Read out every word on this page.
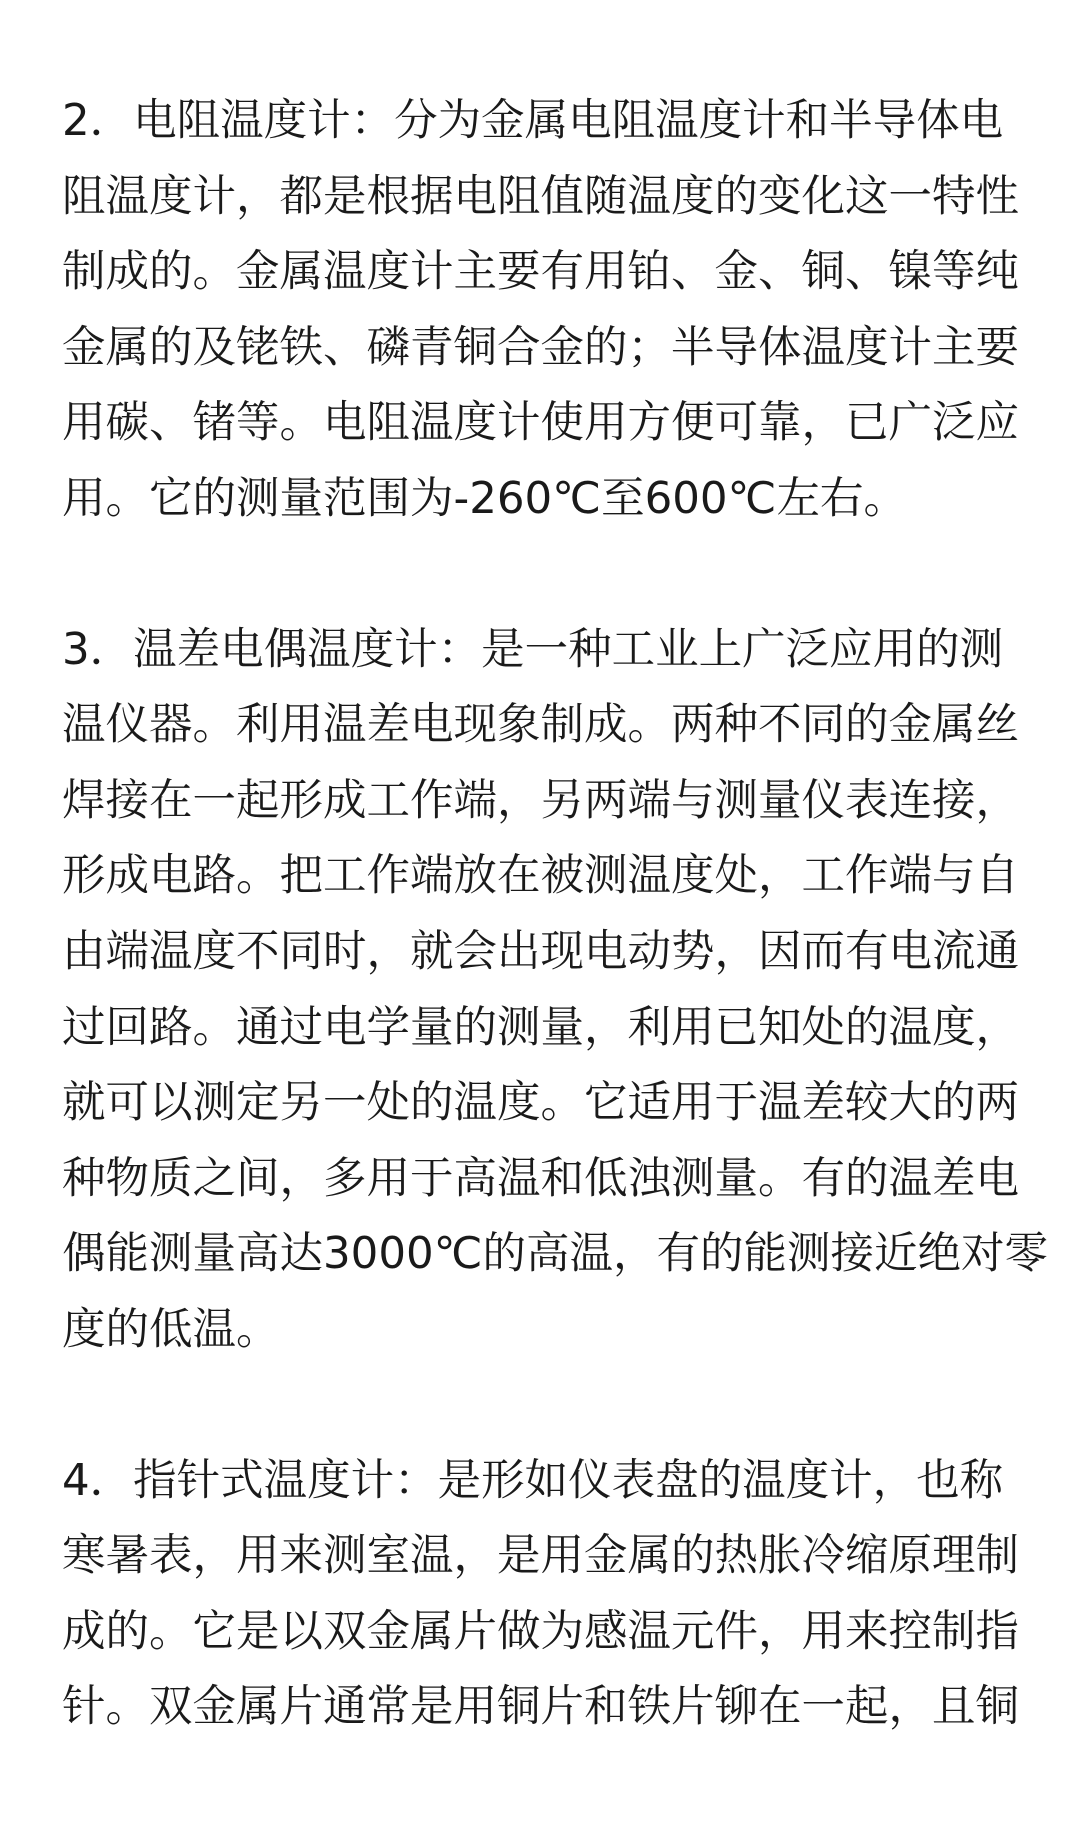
2．电阻温度计：分为金属电阻温度计和半导体电
阻温度计，都是根据电阻值随温度的变化这一特性
制成的。金属温度计主要有用铂、金、铜、镍等纯
金属的及铑铁、磷青铜合金的；半导体温度计主要
用碳、锗等。电阻温度计使用方便可靠，已广泛应
用。它的测量范围为-260℃至600℃左右。
3．温差电偶温度计：是一种工业上广泛应用的测
温仪器。利用温差电现象制成。两种不同的金属丝
焊接在一起形成工作端，另两端与测量仪表连接，
形成电路。把工作端放在被测温度处，工作端与自
由端温度不同时，就会出现电动势，因而有电流通
过回路。通过电学量的测量，利用已知处的温度，
就可以测定另一处的温度。它适用于温差较大的两
种物质之间，多用于高温和低浊测量。有的温差电
偶能测量高达3000℃的高温，有的能测接近绝对零
度的低温。
4．指针式温度计：是形如仪表盘的温度计，也称
寒暑表，用来测室温，是用金属的热胀冷缩原理制
成的。它是以双金属片做为感温元件，用来控制指
针。双金属片通常是用铜片和铁片铆在一起，且铜
